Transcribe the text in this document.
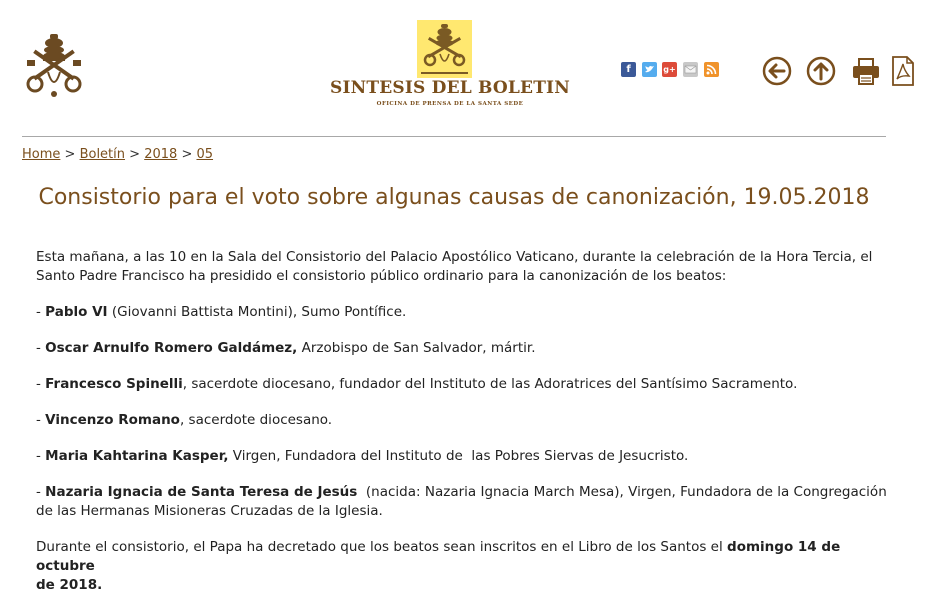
SINTESIS DEL BOLETIN
OFICINA DE PRENSA DE LA SANTA SEDE
f	g+
Home > Boletín > 2018 > 05
Consistorio para el voto sobre algunas causas de canonización, 19.05.2018

Esta mañana, a las 10 en la Sala del Consistorio del Palacio Apostólico Vaticano, durante la celebración de la Hora Tercia, el
Santo Padre Francisco ha presidido el consistorio público ordinario para la canonización de los beatos:

- Pablo VI (Giovanni Battista Montini), Sumo Pontífice.

- Oscar Arnulfo Romero Galdámez, Arzobispo de San Salvador, mártir.

- Francesco Spinelli, sacerdote diocesano, fundador del Instituto de las Adoratrices del Santísimo Sacramento.

- Vincenzo Romano, sacerdote diocesano.

- Maria Kahtarina Kasper, Virgen, Fundadora del Instituto de  las Pobres Siervas de Jesucristo.

- Nazaria Ignacia de Santa Teresa de Jesús  (nacida: Nazaria Ignacia March Mesa), Virgen, Fundadora de la Congregación
de las Hermanas Misioneras Cruzadas de la Iglesia.

Durante el consistorio, el Papa ha decretado que los beatos sean inscritos en el Libro de los Santos el domingo 14 de octubre
de 2018.
